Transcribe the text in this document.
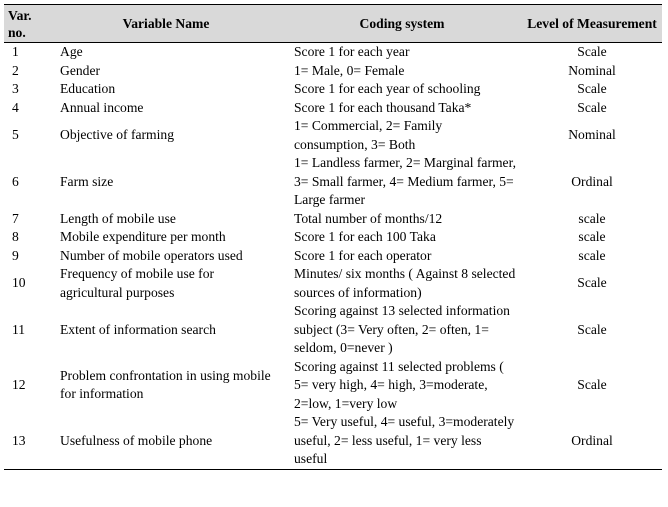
Var. no.	Variable Name	Coding system	Level of Measurement
1	Age	Score 1 for each year	Scale
2	Gender	1= Male, 0= Female	Nominal
3	Education	Score 1 for each year of schooling	Scale
4	Annual income	Score 1 for each thousand Taka*	Scale
5	Objective of farming	1= Commercial, 2= Family consumption, 3= Both	Nominal
6	Farm size	1= Landless farmer, 2= Marginal farmer, 3= Small farmer, 4= Medium farmer, 5= Large farmer	Ordinal
7	Length of mobile use	Total number of months/12	scale
8	Mobile expenditure per month	Score 1 for each 100 Taka	scale
9	Number of mobile operators used	Score 1 for each operator	scale
10	Frequency of mobile use for agricultural purposes	Minutes/ six months ( Against 8 selected sources of information)	Scale
11	Extent of information search	Scoring against 13 selected information subject (3= Very often, 2= often, 1= seldom, 0=never )	Scale
12	Problem confrontation in using mobile for information	Scoring against 11 selected problems ( 5= very high, 4= high, 3=moderate, 2=low, 1=very low	Scale
13	Usefulness of mobile phone	5= Very useful, 4= useful, 3=moderately useful, 2= less useful, 1= very less useful	Ordinal
